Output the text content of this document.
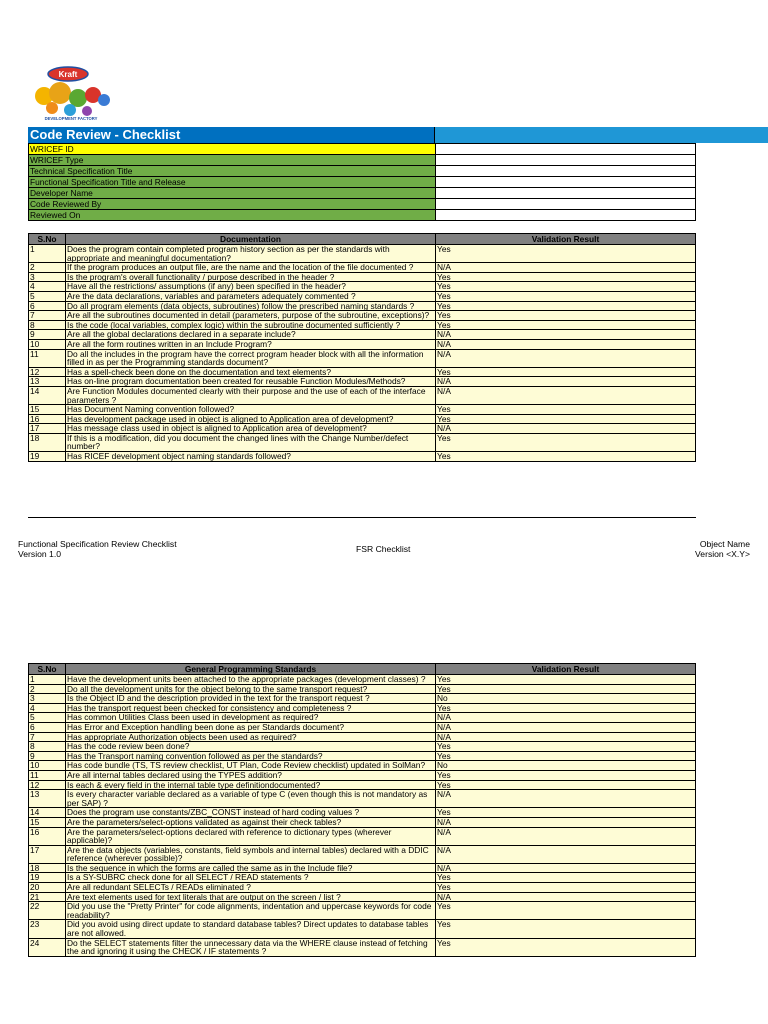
Kraft
DEVELOPMENT FACTORY
Code Review - Checklist
WRICEF ID	
WRICEF Type	
Technical Specification Title	
Functional Specification Title and Release	
Developer Name	
Code Reviewed By	
Reviewed On	
S.No	Documentation	Validation Result
1	Does the program contain completed program history section as per the standards with appropriate and meaningful documentation?	Yes
2	If the program produces an output file, are the name and the location of the file documented ?	N/A
3	Is the program's overall functionality / purpose described in the header ?	Yes
4	Have all the restrictions/ assumptions (if any) been specified in the header?	Yes
5	Are the data declarations, variables and parameters adequately commented ?	Yes
6	Do all program elements (data objects, subroutines) follow the prescribed naming standards ?	Yes
7	Are all the subroutines documented in detail (parameters, purpose of the subroutine, exceptions)?	Yes
8	Is the code (local variables, complex logic) within the subroutine documented sufficiently ?	Yes
9	Are all the global declarations declared in a separate include?	N/A
10	Are all the form routines written in an Include Program?	N/A
11	Do all the includes in the program have the correct program header block with all the information filled in as per the Programming standards document?	N/A
12	Has a spell-check been done on the documentation and text elements?	Yes
13	Has on-line program documentation been created for reusable Function Modules/Methods?	N/A
14	Are Function Modules documented clearly with their purpose and the use of each of the interface parameters ?	N/A
15	Has Document Naming convention followed?	Yes
16	Has development package used in object is aligned to Application area of development?	Yes
17	Has message class used in object is aligned to Application area of development?	N/A
18	If this is a modification, did you document the changed lines with the Change Number/defect number?	Yes
19	Has RICEF development object naming standards followed?	Yes
Functional Specification Review Checklist
Version 1.0	FSR Checklist	Object Name
Version <X.Y>
S.No	General Programming Standards	Validation Result
1	Have the development units been attached to the appropriate packages (development classes) ?	Yes
2	Do all the development units for the object belong to the same transport request?	Yes
3	Is the Object ID and the description provided in the text for the transport request ?	No
4	Has the transport request been checked for consistency and completeness ?	Yes
5	Has common Utilities Class been used in development as required?	N/A
6	Has Error and Exception handling been done as per Standards document?	N/A
7	Has appropriate Authorization objects been used as required?	N/A
8	Has the code review been done?	Yes
9	Has the Transport naming convention followed as per the standards?	Yes
10	Has code bundle (TS, TS review checklist, UT Plan, Code Review checklist) updated in SolMan?	No
11	Are all internal tables declared using the TYPES addition?	Yes
12	Is each & every field in the internal table type definitiondocumented?	Yes
13	Is every character variable declared as a variable of type C (even though this is not mandatory as per SAP) ?	N/A
14	Does the program use constants/ZBC_CONST instead of hard coding values ?	Yes
15	Are the parameters/select-options validated as against their check tables?	N/A
16	Are the parameters/select-options declared with reference to dictionary types (wherever applicable)?	N/A
17	Are the data objects (variables, constants, field symbols and internal tables) declared with a DDIC reference (wherever possible)?	N/A
18	Is the sequence in which the forms are called the same as in the Include file?	N/A
19	Is a SY-SUBRC check done for all SELECT / READ statements ?	Yes
20	Are all redundant SELECTs / READs eliminated ?	Yes
21	Are text elements used for text literals that are output on the screen / list ?	N/A
22	Did you use the "Pretty Printer" for code alignments, indentation and uppercase keywords for code readability?	Yes
23	Did you avoid using direct update to standard database tables? Direct updates to database tables are not allowed.	Yes
24	Do the SELECT statements filter the unnecessary data via the WHERE clause instead of fetching the and ignoring it using the CHECK / IF statements ?	Yes
